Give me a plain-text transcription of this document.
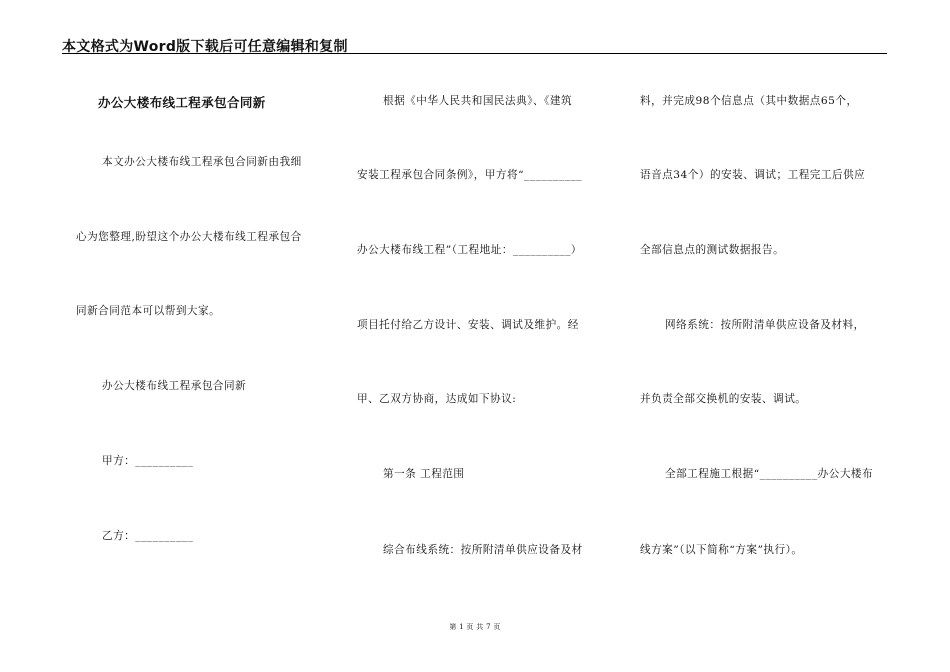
本文格式为Word版下载后可任意编辑和复制
办公大楼布线工程承包合同新
本文办公大楼布线工程承包合同新由我细
心为您整理,盼望这个办公大楼布线工程承包合
同新合同范本可以帮到大家。
办公大楼布线工程承包合同新
甲方：__________
乙方：__________
根据《中华人民共和国民法典》、《建筑
安装工程承包合同条例》，甲方将“__________
办公大楼布线工程”（工程地址：__________）
项目托付给乙方设计、安装、调试及维护。经
甲、乙双方协商，达成如下协议:
第一条 工程范围
综合布线系统：按所附清单供应设备及材
料，并完成98个信息点（其中数据点65个，
语音点34个）的安装、调试；工程完工后供应
全部信息点的测试数据报告。
网络系统：按所附清单供应设备及材料，
并负责全部交换机的安装、调试。
全部工程施工根据“__________办公大楼布
线方案”（以下简称“方案”执行）。
第 1 页 共 7 页
